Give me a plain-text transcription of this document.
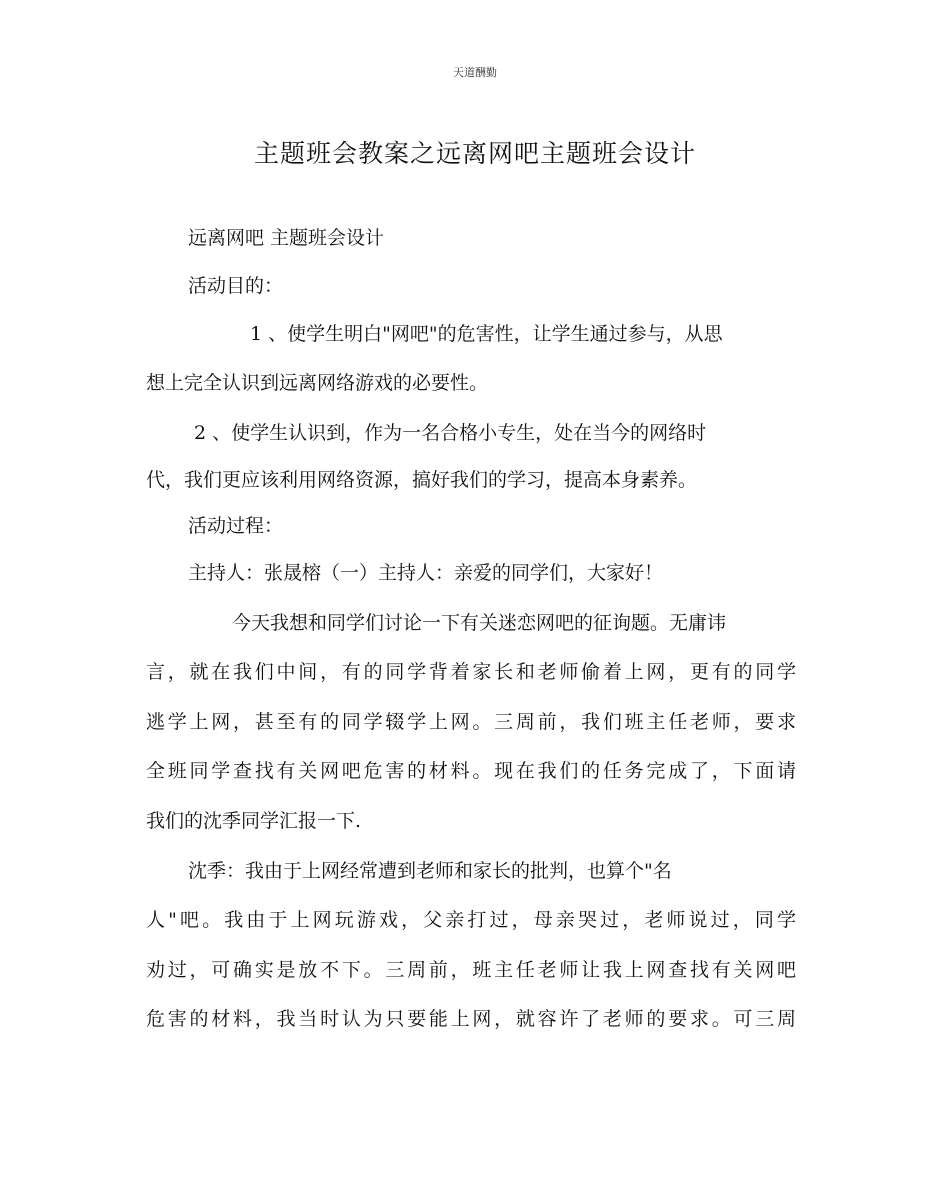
天道酬勤
主题班会教案之远离网吧主题班会设计
远离网吧 主题班会设计
活动目的：
1 、使学生明白"网吧"的危害性，让学生通过参与，从思
想上完全认识到远离网络游戏的必要性。
2 、使学生认识到，作为一名合格小专生，处在当今的网络时
代，我们更应该利用网络资源，搞好我们的学习，提高本身素养。
活动过程：
主持人：张晟榕（一）主持人：亲爱的同学们，大家好！
今天我想和同学们讨论一下有关迷恋网吧的征询题。无庸讳
言，就在我们中间，有的同学背着家长和老师偷着上网，更有的同学
逃学上网，甚至有的同学辍学上网。三周前，我们班主任老师，要求
全班同学查找有关网吧危害的材料。现在我们的任务完成了，下面请
我们的沈季同学汇报一下.
沈季：我由于上网经常遭到老师和家长的批判，也算个"名
人"吧。我由于上网玩游戏，父亲打过，母亲哭过，老师说过，同学
劝过，可确实是放不下。三周前，班主任老师让我上网查找有关网吧
危害的材料，我当时认为只要能上网，就容许了老师的要求。可三周
